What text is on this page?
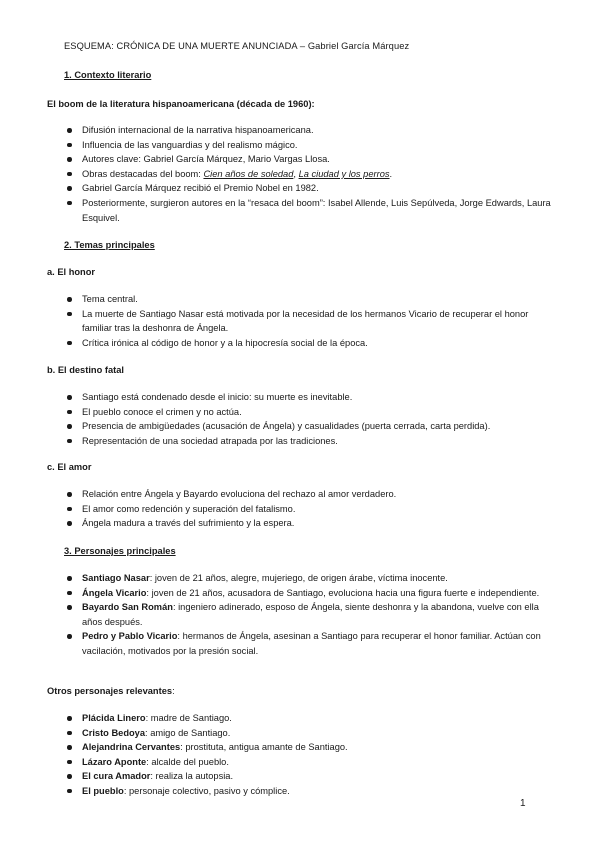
ESQUEMA: CRÓNICA DE UNA MUERTE ANUNCIADA – Gabriel García Márquez
1. Contexto literario
El boom de la literatura hispanoamericana (década de 1960):
Difusión internacional de la narrativa hispanoamericana.
Influencia de las vanguardias y del realismo mágico.
Autores clave: Gabriel García Márquez, Mario Vargas Llosa.
Obras destacadas del boom: Cien años de soledad, La ciudad y los perros.
Gabriel García Márquez recibió el Premio Nobel en 1982.
Posteriormente, surgieron autores en la “resaca del boom”: Isabel Allende, Luis Sepúlveda, Jorge Edwards, Laura Esquivel.
2. Temas principales
a. El honor
Tema central.
La muerte de Santiago Nasar está motivada por la necesidad de los hermanos Vicario de recuperar el honor familiar tras la deshonra de Ángela.
Crítica irónica al código de honor y a la hipocresía social de la época.
b. El destino fatal
Santiago está condenado desde el inicio: su muerte es inevitable.
El pueblo conoce el crimen y no actúa.
Presencia de ambigüedades (acusación de Ángela) y casualidades (puerta cerrada, carta perdida).
Representación de una sociedad atrapada por las tradiciones.
c. El amor
Relación entre Ángela y Bayardo evoluciona del rechazo al amor verdadero.
El amor como redención y superación del fatalismo.
Ángela madura a través del sufrimiento y la espera.
3. Personajes principales
Santiago Nasar: joven de 21 años, alegre, mujeriego, de origen árabe, víctima inocente.
Ángela Vicario: joven de 21 años, acusadora de Santiago, evoluciona hacia una figura fuerte e independiente.
Bayardo San Román: ingeniero adinerado, esposo de Ángela, siente deshonra y la abandona, vuelve con ella años después.
Pedro y Pablo Vicario: hermanos de Ángela, asesinan a Santiago para recuperar el honor familiar. Actúan con vacilación, motivados por la presión social.
Otros personajes relevantes:
Plácida Linero: madre de Santiago.
Cristo Bedoya: amigo de Santiago.
Alejandrina Cervantes: prostituta, antigua amante de Santiago.
Lázaro Aponte: alcalde del pueblo.
El cura Amador: realiza la autopsia.
El pueblo: personaje colectivo, pasivo y cómplice.
1
